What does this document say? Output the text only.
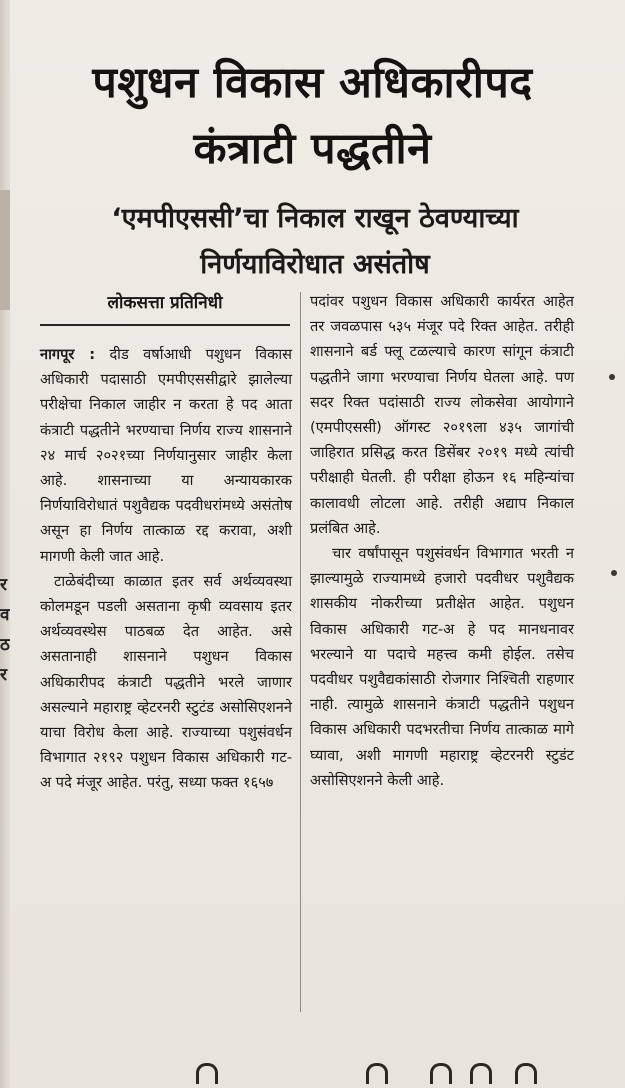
र
व
ठ
र
पशुधन विकास अधिकारीपद
कंत्राटी पद्धतीने
‘एमपीएससी’चा निकाल राखून ठेवण्याच्या
निर्णयाविरोधात असंतोष
लोकसत्ता प्रतिनिधी

नागपूर : दीड वर्षाआधी पशुधन विकास अधिकारी पदासाठी एमपीएससीद्वारे झालेल्या परीक्षेचा निकाल जाहीर न करता हे पद आता कंत्राटी पद्धतीने भरण्याचा निर्णय राज्य शासनाने २४ मार्च २०२१च्या निर्णयानुसार जाहीर केला आहे. शासनाच्या या अन्यायकारक निर्णयाविरोधातं पशुवैद्यक पदवीधरांमध्ये असंतोष असून हा निर्णय तात्काळ रद्द करावा, अशी मागणी केली जात आहे.

टाळेबंदीच्या काळात इतर सर्व अर्थव्यवस्था कोलमडून पडली असताना कृषी व्यवसाय इतर अर्थव्यवस्थेस पाठबळ देत आहेत. असे असतानाही शासनाने पशुधन विकास अधिकारीपद कंत्राटी पद्धतीने भरले जाणार असल्याने महाराष्ट्र व्हेटरनरी स्टुटंड असोसिएशनने याचा विरोध केला आहे. राज्याच्या पशुसंवर्धन विभागात २१९२ पशुधन विकास अधिकारी गट-अ पदे मंजूर आहेत. परंतु, सध्या फक्त १६५७

पदांवर पशुधन विकास अधिकारी कार्यरत आहेत तर जवळपास ५३५ मंजूर पदे रिक्त आहेत. तरीही शासनाने बर्ड फ्लू टळल्याचे कारण सांगून कंत्राटी पद्धतीने जागा भरण्याचा निर्णय घेतला आहे. पण सदर रिक्त पदांसाठी राज्य लोकसेवा आयोगाने (एमपीएससी) ऑगस्ट २०१९ला ४३५ जागांची जाहिरात प्रसिद्ध करत डिसेंबर २०१९ मध्ये त्यांची परीक्षाही घेतली. ही परीक्षा होऊन १६ महिन्यांचा कालावधी लोटला आहे. तरीही अद्याप निकाल प्रलंबित आहे.

चार वर्षांपासून पशुसंवर्धन विभागात भरती न झाल्यामुळे राज्यामध्ये हजारो पदवीधर पशुवैद्यक शासकीय नोकरीच्या प्रतीक्षेत आहेत. पशुधन विकास अधिकारी गट-अ हे पद मानधनावर भरल्याने या पदाचे महत्त्व कमी होईल. तसेच पदवीधर पशुवैद्यकांसाठी रोजगार निश्चिती राहणार नाही. त्यामुळे शासनाने कंत्राटी पद्धतीने पशुधन विकास अधिकारी पदभरतीचा निर्णय तात्काळ मागे घ्यावा, अशी मागणी महाराष्ट्र व्हेटरनरी स्टुडंट असोसिएशनने केली आहे.
